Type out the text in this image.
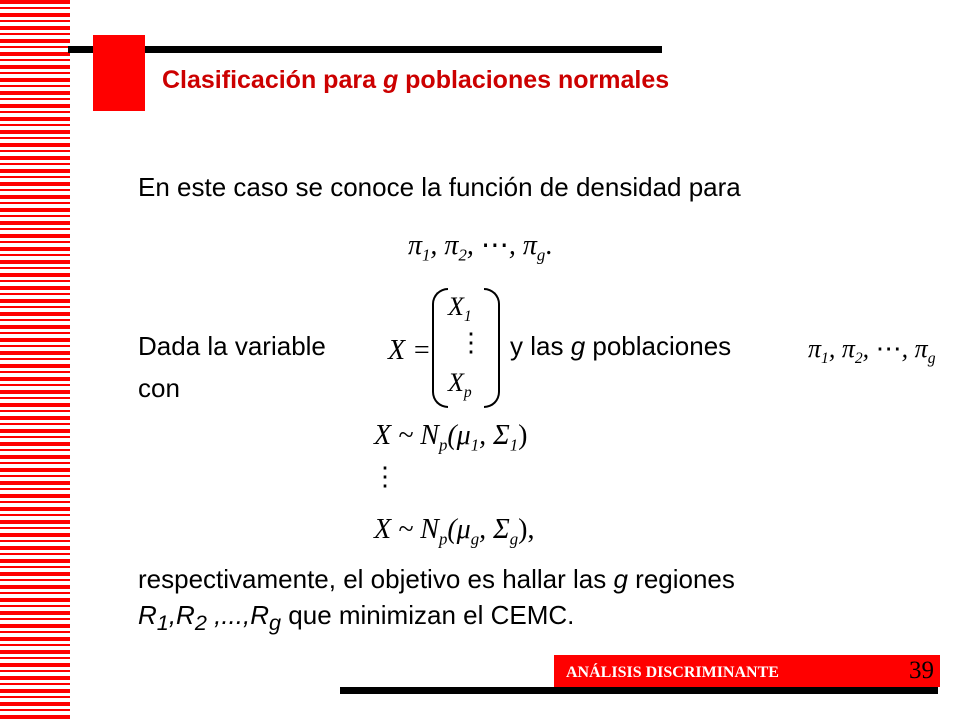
Clasificación para g poblaciones normales

En este caso se conoce la función de densidad para

$\pi_1$, $\pi_2$, ⋯, $\pi_g$.

Dada la variable X =
$X_1$
⋮
$X_p$

y las g poblaciones	$\pi_1$, $\pi_2$, ⋯, $\pi_g$

con

X ~ $N_p(\mu_1$, $\Sigma_1$)
⋮
X ~ $N_p(\mu_g$, $\Sigma_g$),

respectivamente, el objetivo es hallar las g regiones

$R_1,R_2$ $,...,R_g$ que minimizan el CEMC.

ANÁLISIS DISCRIMINANTE	39
